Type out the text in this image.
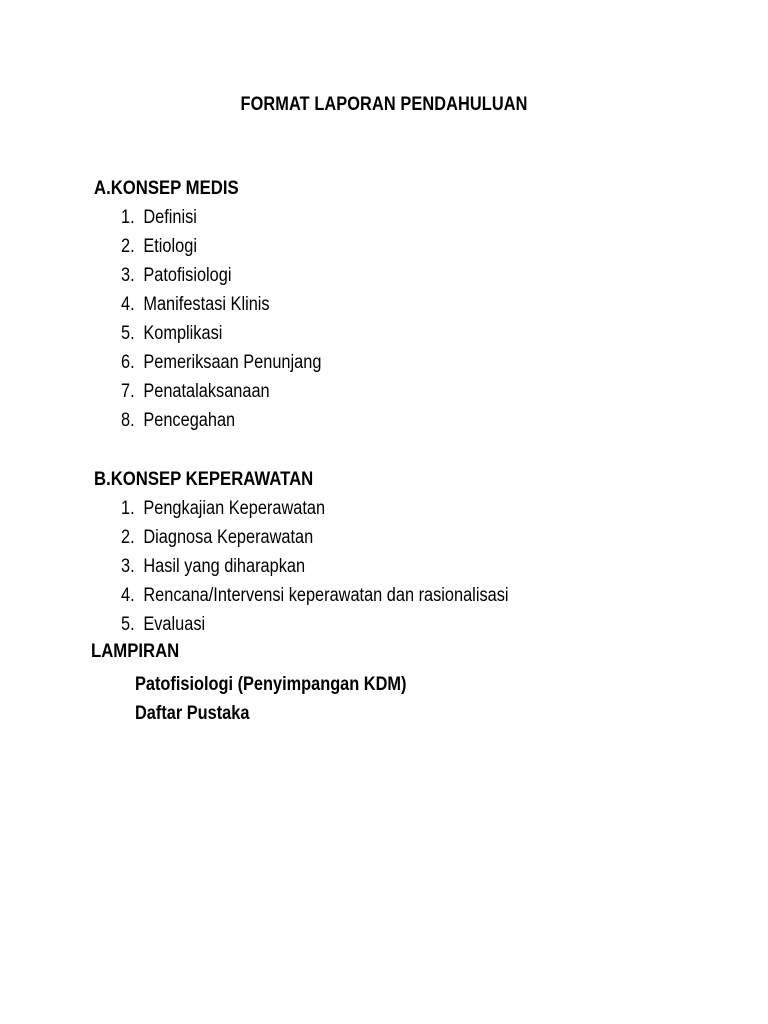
FORMAT LAPORAN PENDAHULUAN
A.KONSEP MEDIS
1. Definisi
2. Etiologi
3. Patofisiologi
4. Manifestasi Klinis
5. Komplikasi
6. Pemeriksaan Penunjang
7. Penatalaksanaan
8. Pencegahan
B.KONSEP KEPERAWATAN
1. Pengkajian Keperawatan
2. Diagnosa Keperawatan
3. Hasil yang diharapkan
4. Rencana/Intervensi keperawatan dan rasionalisasi
5. Evaluasi
LAMPIRAN
Patofisiologi (Penyimpangan KDM)
Daftar Pustaka
